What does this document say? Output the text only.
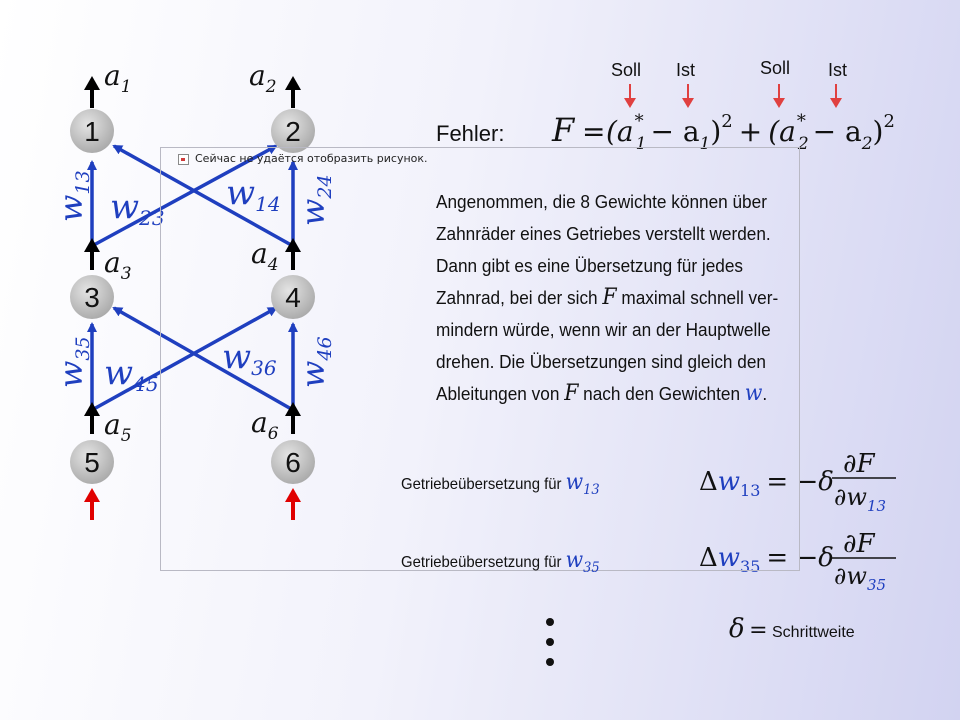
1	2
3	4
5	6
$a_1$	$a_2$
$a_3$
$a_4$
$a_5$	$a_6$
$w_{13}$
$w_{23}$
$w_{14}$ $w_{24}$
$w_{35}$
$w_{45}$
$w_{36}$ $w_{46}$
F = (a* $1 - a_1)^2 + (a^*$ $2 - a_2)^2$
$\Delta w_{13} = -\delta$
∂F
$\partial w_{13}$
$\Delta w_{35} = -\delta$ ∂F
$\partial w_{35}$
Сейчас не удаётся отобразить рисунок.
Soll Ist	Soll Ist
Fehler:

Angenommen, die 8 Gewichte können über

Zahnräder eines Getriebes verstellt werden.

Dann gibt es eine Übersetzung für jedes

Zahnrad, bei der sich F maximal schnell ver-

mindern würde, wenn wir an der Hauptwelle

drehen. Die Übersetzungen sind gleich den

Ableitungen von F nach den Gewichten w.

Getriebeübersetzung für w13
Getriebeübersetzung für w35
δ = Schrittweite
